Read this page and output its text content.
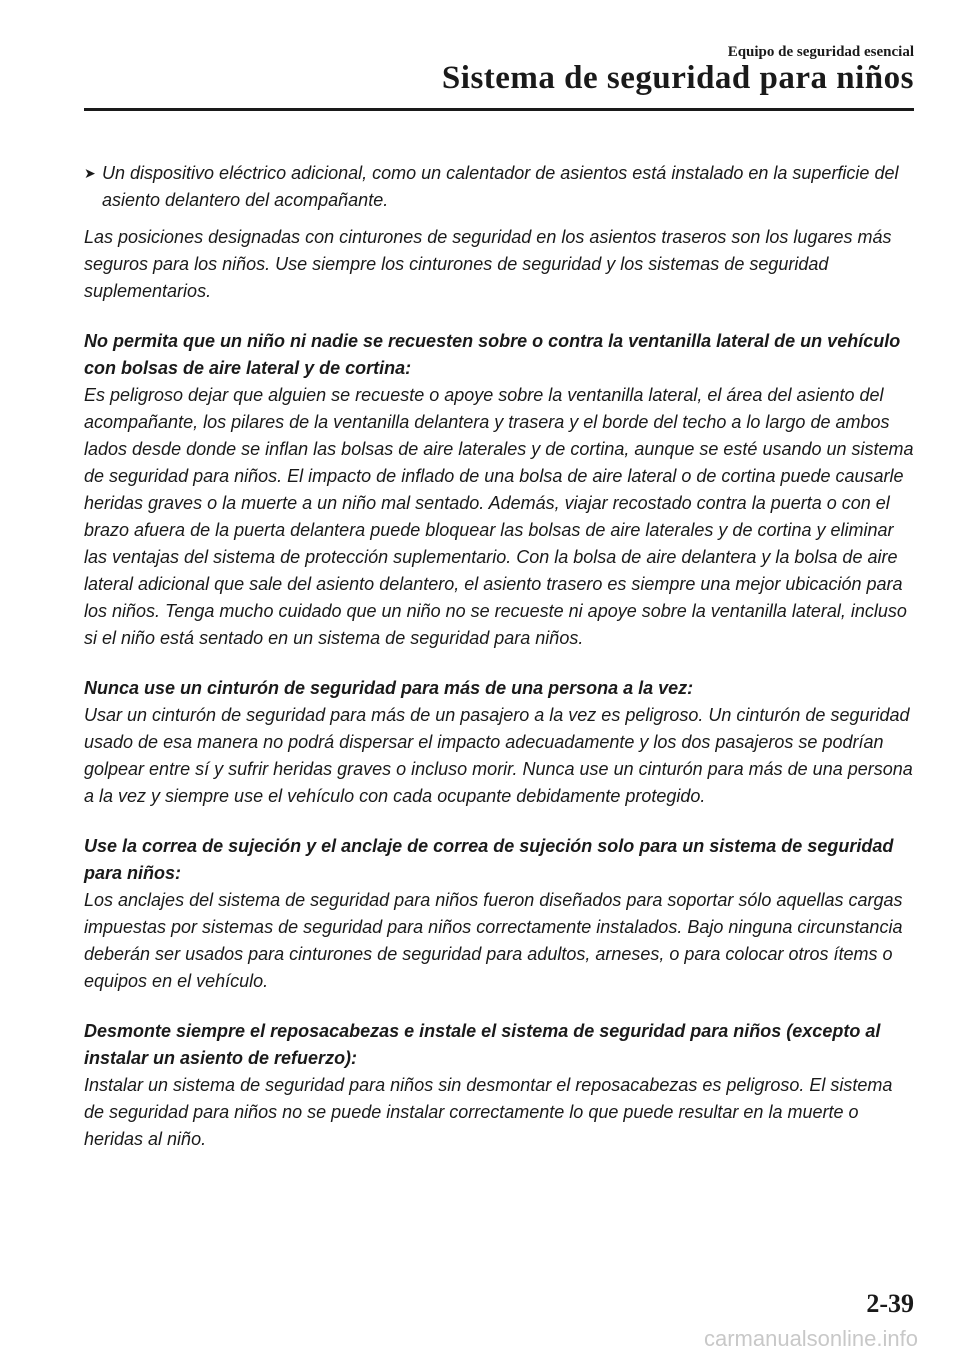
Equipo de seguridad esencial
Sistema de seguridad para niños
➤ Un dispositivo eléctrico adicional, como un calentador de asientos está instalado en la superficie del asiento delantero del acompañante.

Las posiciones designadas con cinturones de seguridad en los asientos traseros son los lugares más seguros para los niños. Use siempre los cinturones de seguridad y los sistemas de seguridad suplementarios.

No permita que un niño ni nadie se recuesten sobre o contra la ventanilla lateral de un vehículo con bolsas de aire lateral y de cortina:
Es peligroso dejar que alguien se recueste o apoye sobre la ventanilla lateral, el área del asiento del acompañante, los pilares de la ventanilla delantera y trasera y el borde del techo a lo largo de ambos lados desde donde se inflan las bolsas de aire laterales y de cortina, aunque se esté usando un sistema de seguridad para niños. El impacto de inflado de una bolsa de aire lateral o de cortina puede causarle heridas graves o la muerte a un niño mal sentado. Además, viajar recostado contra la puerta o con el brazo afuera de la puerta delantera puede bloquear las bolsas de aire laterales y de cortina y eliminar las ventajas del sistema de protección suplementario. Con la bolsa de aire delantera y la bolsa de aire lateral adicional que sale del asiento delantero, el asiento trasero es siempre una mejor ubicación para los niños. Tenga mucho cuidado que un niño no se recueste ni apoye sobre la ventanilla lateral, incluso si el niño está sentado en un sistema de seguridad para niños.
Nunca use un cinturón de seguridad para más de una persona a la vez:
Usar un cinturón de seguridad para más de un pasajero a la vez es peligroso. Un cinturón de seguridad usado de esa manera no podrá dispersar el impacto adecuadamente y los dos pasajeros se podrían golpear entre sí y sufrir heridas graves o incluso morir. Nunca use un cinturón para más de una persona a la vez y siempre use el vehículo con cada ocupante debidamente protegido.
Use la correa de sujeción y el anclaje de correa de sujeción solo para un sistema de seguridad para niños:
Los anclajes del sistema de seguridad para niños fueron diseñados para soportar sólo aquellas cargas impuestas por sistemas de seguridad para niños correctamente instalados. Bajo ninguna circunstancia deberán ser usados para cinturones de seguridad para adultos, arneses, o para colocar otros ítems o equipos en el vehículo.
Desmonte siempre el reposacabezas e instale el sistema de seguridad para niños (excepto al instalar un asiento de refuerzo):
Instalar un sistema de seguridad para niños sin desmontar el reposacabezas es peligroso. El sistema de seguridad para niños no se puede instalar correctamente lo que puede resultar en la muerte o heridas al niño.
2-39
carmanualsonline.info
